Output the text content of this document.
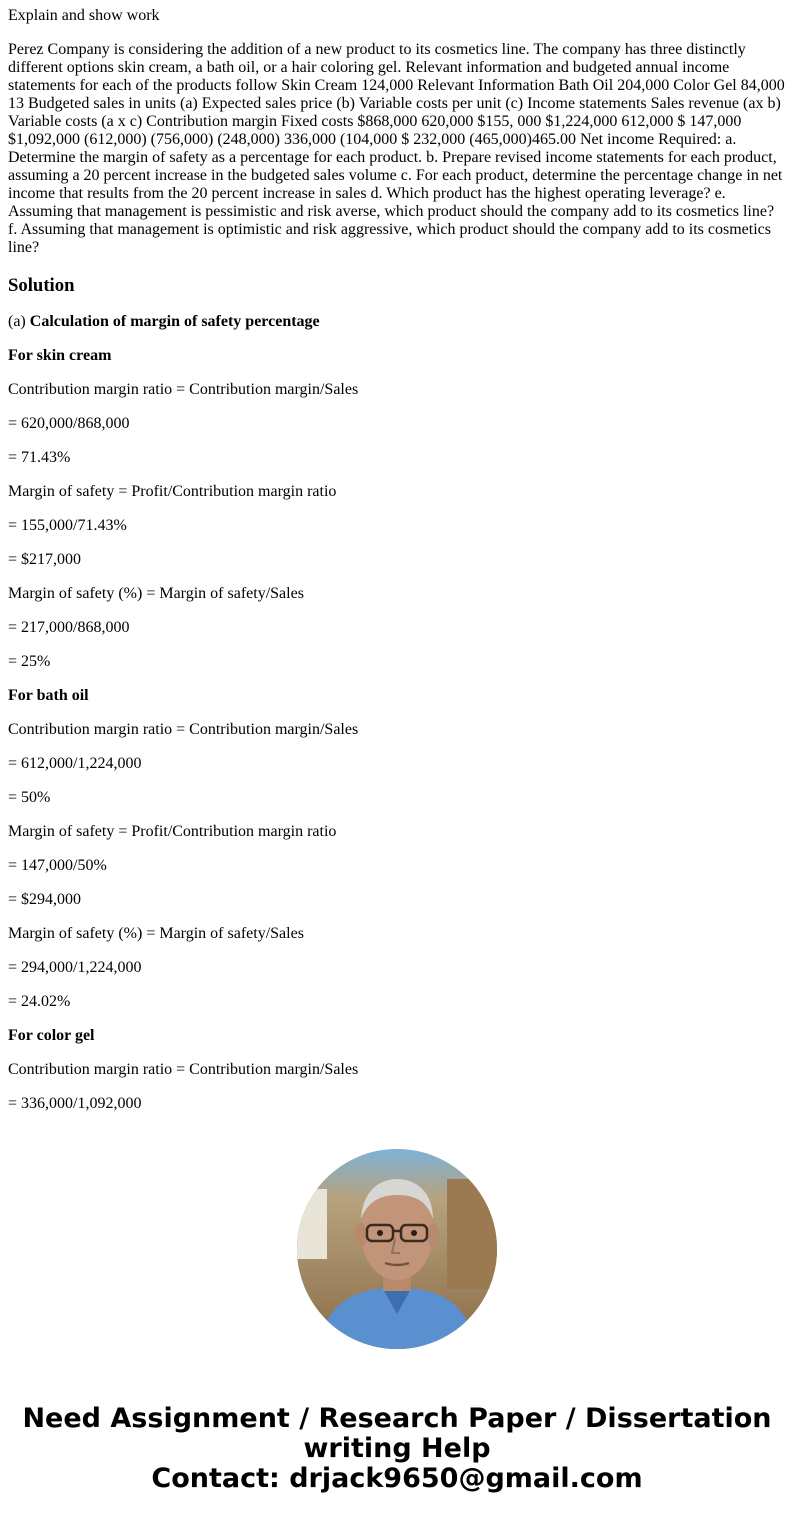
Explain and show work

Perez Company is considering the addition of a new product to its cosmetics line. The company has three distinctly different options skin cream, a bath oil, or a hair coloring gel. Relevant information and budgeted annual income statements for each of the products follow Skin Cream 124,000 Relevant Information Bath Oil 204,000 Color Gel 84,000 13 Budgeted sales in units (a) Expected sales price (b) Variable costs per unit (c) Income statements Sales revenue (ax b) Variable costs (a x c) Contribution margin Fixed costs $868,000 620,000 $155, 000 $1,224,000 612,000 $ 147,000 $1,092,000 (612,000) (756,000) (248,000) 336,000 (104,000 $ 232,000 (465,000)465.00 Net income Required: a. Determine the margin of safety as a percentage for each product. b. Prepare revised income statements for each product, assuming a 20 percent increase in the budgeted sales volume c. For each product, determine the percentage change in net income that results from the 20 percent increase in sales d. Which product has the highest operating leverage? e. Assuming that management is pessimistic and risk averse, which product should the company add to its cosmetics line? f. Assuming that management is optimistic and risk aggressive, which product should the company add to its cosmetics line?

Solution

(a) Calculation of margin of safety percentage

For skin cream

Contribution margin ratio = Contribution margin/Sales

= 620,000/868,000

= 71.43%

Margin of safety = Profit/Contribution margin ratio

= 155,000/71.43%

= $217,000

Margin of safety (%) = Margin of safety/Sales

= 217,000/868,000

= 25%

For bath oil

Contribution margin ratio = Contribution margin/Sales

= 612,000/1,224,000

= 50%

Margin of safety = Profit/Contribution margin ratio

= 147,000/50%

= $294,000

Margin of safety (%) = Margin of safety/Sales

= 294,000/1,224,000

= 24.02%

For color gel

Contribution margin ratio = Contribution margin/Sales

= 336,000/1,092,000

Need Assignment / Research Paper / Dissertation
writing Help
Contact: drjack9650@gmail.com
